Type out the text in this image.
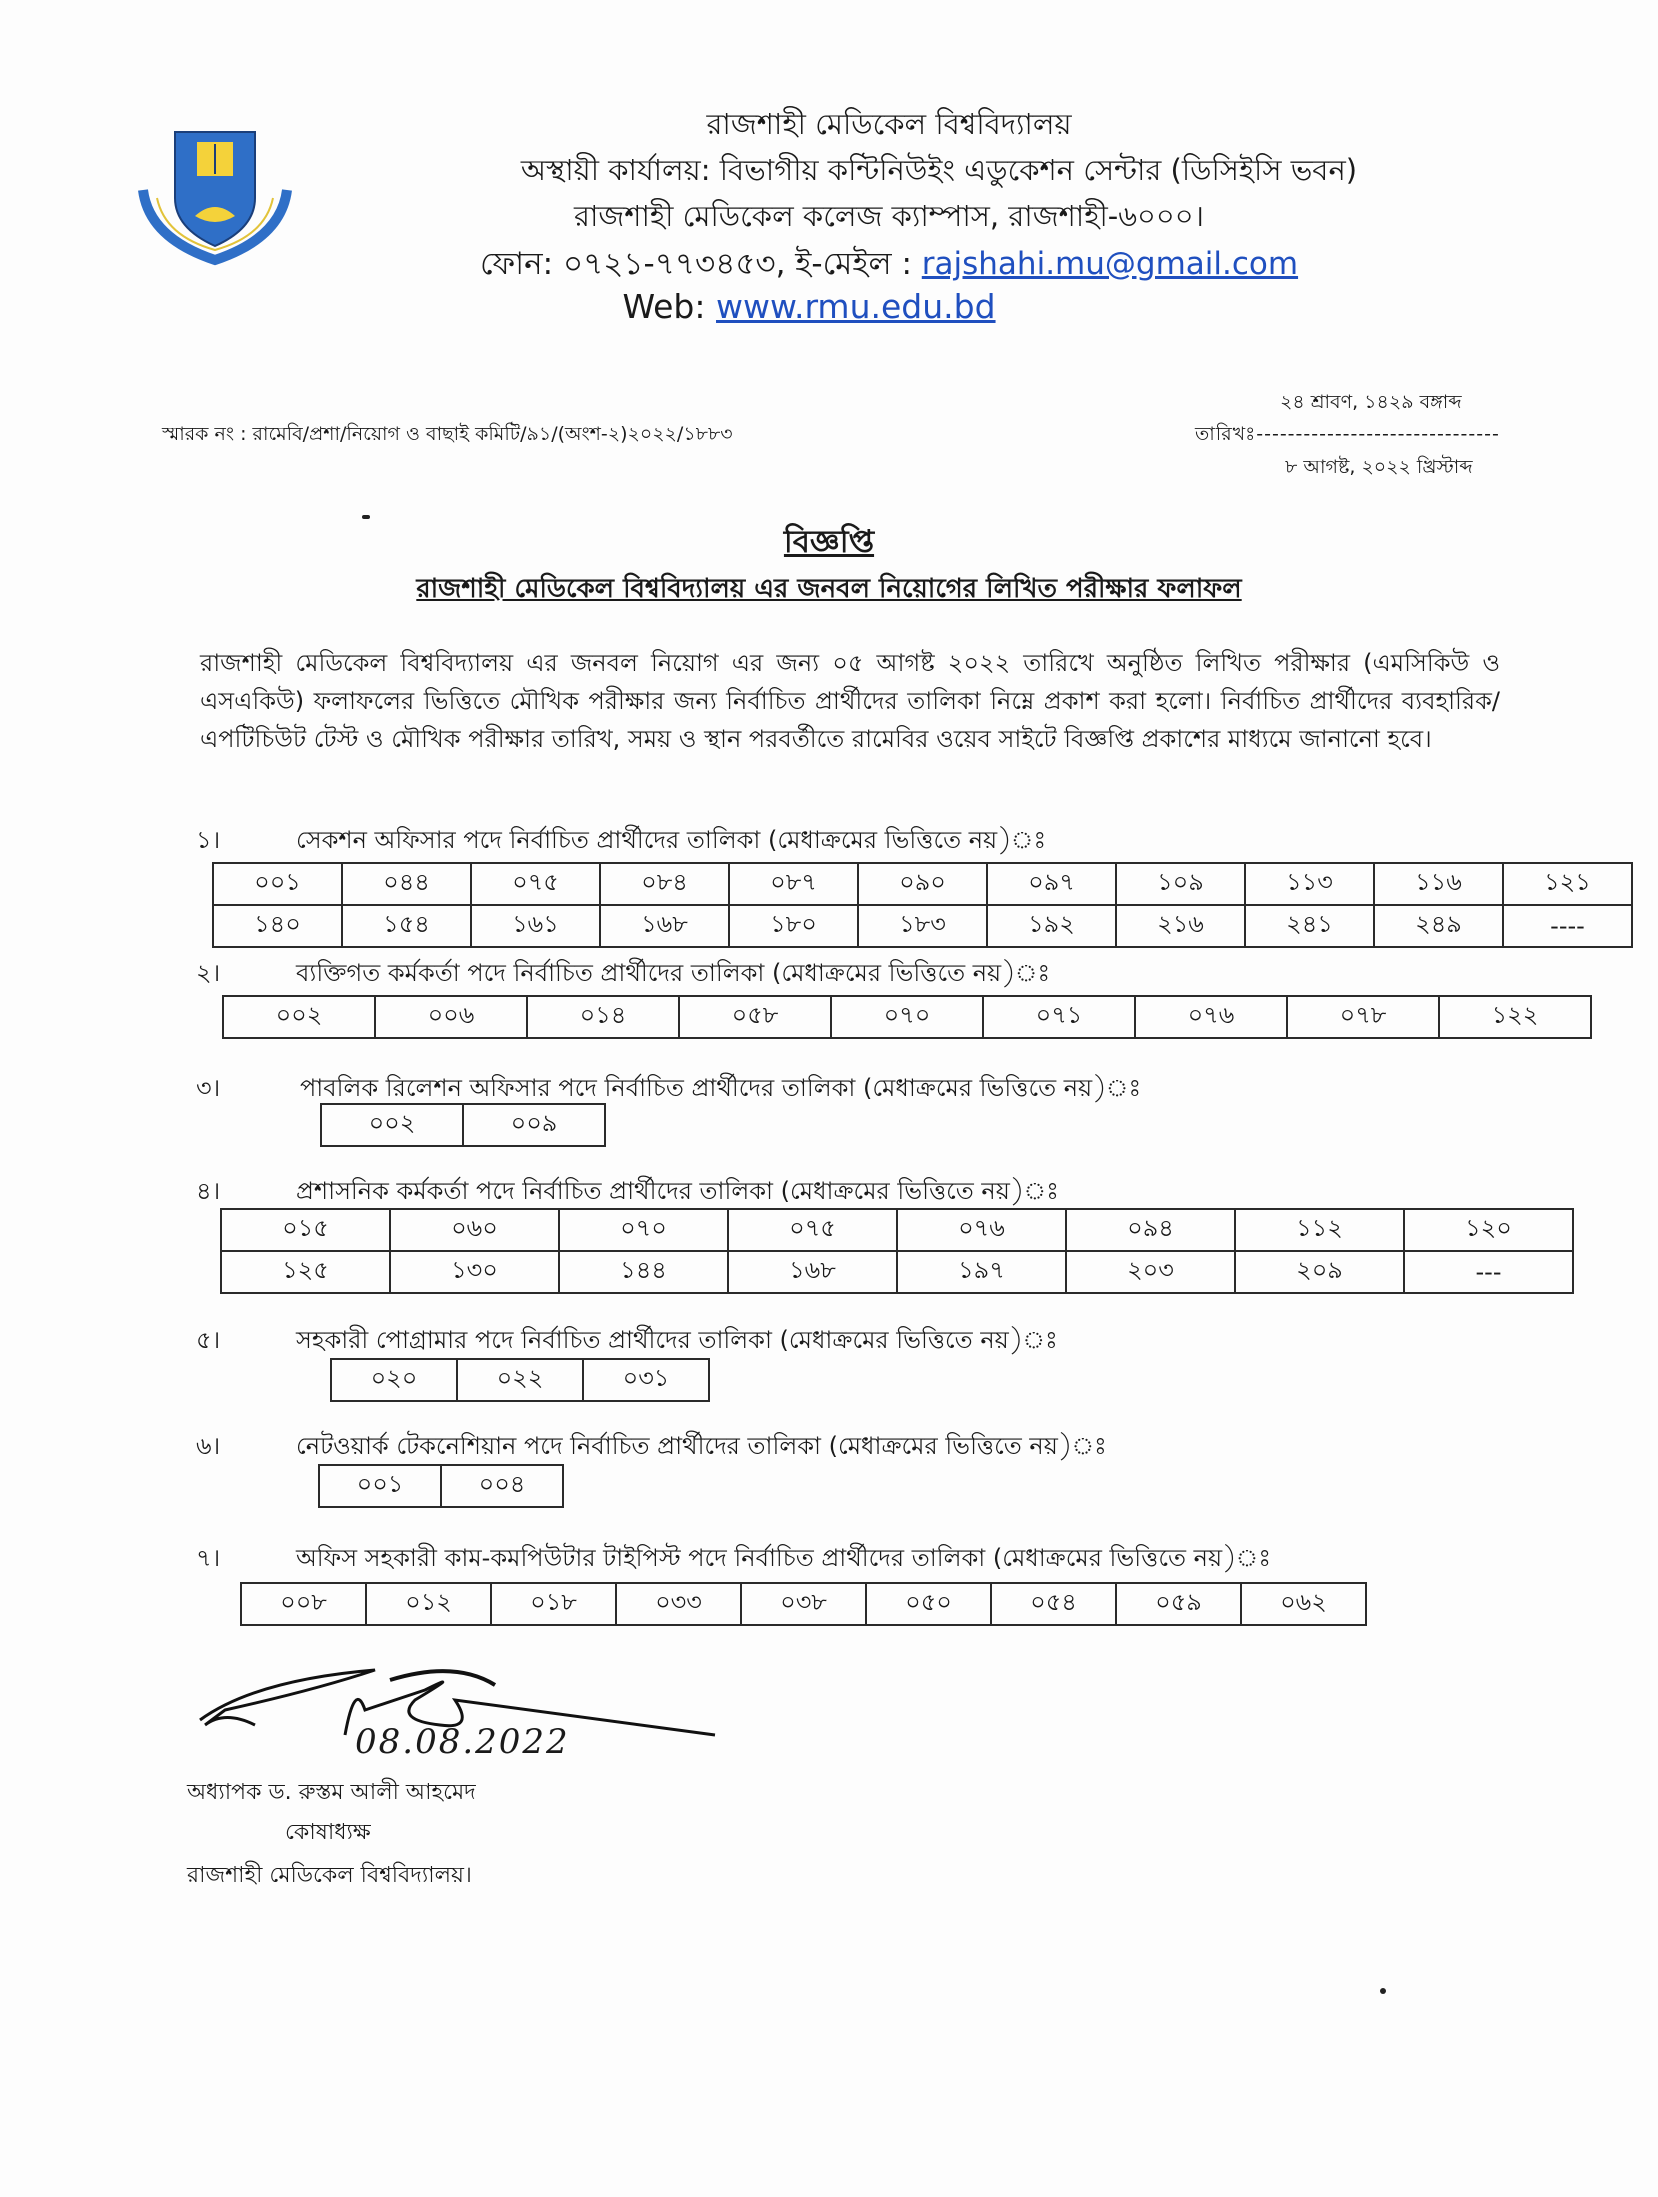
রাজশাহী মেডিকেল বিশ্ববিদ্যালয়
অস্থায়ী কার্যালয়: বিভাগীয় কন্টিনিউইং এডুকেশন সেন্টার (ডিসিইসি ভবন)
রাজশাহী মেডিকেল কলেজ ক্যাম্পাস, রাজশাহী-৬০০০।
ফোন: ০৭২১-৭৭৩৪৫৩, ই-মেইল : rajshahi.mu@gmail.com
Web: www.rmu.edu.bd
২৪ শ্রাবণ, ১৪২৯ বঙ্গাব্দ
স্মারক নং : রামেবি/প্রশা/নিয়োগ ও বাছাই কমিটি/৯১/(অংশ-২)২০২২/১৮৮৩	তারিখঃ-------------------------------
৮ আগষ্ট, ২০২২ খ্রিস্টাব্দ
বিজ্ঞপ্তি
রাজশাহী মেডিকেল বিশ্ববিদ্যালয় এর জনবল নিয়োগের লিখিত পরীক্ষার ফলাফল
রাজশাহী মেডিকেল বিশ্ববিদ্যালয় এর জনবল নিয়োগ এর জন্য ০৫ আগষ্ট ২০২২ তারিখে অনুষ্ঠিত লিখিত পরীক্ষার (এমসিকিউ ও এসএকিউ) ফলাফলের ভিত্তিতে মৌখিক পরীক্ষার জন্য নির্বাচিত প্রার্থীদের তালিকা নিম্নে প্রকাশ করা হলো। নির্বাচিত প্রার্থীদের ব্যবহারিক/এপটিচিউট টেস্ট ও মৌখিক পরীক্ষার তারিখ, সময় ও স্থান পরবর্তীতে রামেবির ওয়েব সাইটে বিজ্ঞপ্তি প্রকাশের মাধ্যমে জানানো হবে।
১।	সেকশন অফিসার পদে নির্বাচিত প্রার্থীদের তালিকা (মেধাক্রমের ভিত্তিতে নয়)ঃ
০০১	০৪৪	০৭৫	০৮৪	০৮৭	০৯০	০৯৭	১০৯	১১৩	১১৬	১২১
১৪০	১৫৪	১৬১	১৬৮	১৮০	১৮৩	১৯২	২১৬	২৪১	২৪৯	----
২।	ব্যক্তিগত কর্মকর্তা পদে নির্বাচিত প্রার্থীদের তালিকা (মেধাক্রমের ভিত্তিতে নয়)ঃ
০০২	০০৬	০১৪	০৫৮	০৭০	০৭১	০৭৬	০৭৮	১২২
৩।	পাবলিক রিলেশন অফিসার পদে নির্বাচিত প্রার্থীদের তালিকা (মেধাক্রমের ভিত্তিতে নয়)ঃ
০০২	০০৯
৪।	প্রশাসনিক কর্মকর্তা পদে নির্বাচিত প্রার্থীদের তালিকা (মেধাক্রমের ভিত্তিতে নয়)ঃ
০১৫	০৬০	০৭০	০৭৫	০৭৬	০৯৪	১১২	১২০
১২৫	১৩০	১৪৪	১৬৮	১৯৭	২০৩	২০৯	---
৫।	সহকারী পোগ্রামার পদে নির্বাচিত প্রার্থীদের তালিকা (মেধাক্রমের ভিত্তিতে নয়)ঃ
০২০	০২২	০৩১
৬।	নেটওয়ার্ক টেকনেশিয়ান পদে নির্বাচিত প্রার্থীদের তালিকা (মেধাক্রমের ভিত্তিতে নয়)ঃ
০০১	০০৪
৭।	অফিস সহকারী কাম-কমপিউটার টাইপিস্ট পদে নির্বাচিত প্রার্থীদের তালিকা (মেধাক্রমের ভিত্তিতে নয়)ঃ
০০৮	০১২	০১৮	০৩৩	০৩৮	০৫০	০৫৪	০৫৯	০৬২
08.08.2022
অধ্যাপক ড. রুস্তম আলী আহমেদ
কোষাধ্যক্ষ
রাজশাহী মেডিকেল বিশ্ববিদ্যালয়।
